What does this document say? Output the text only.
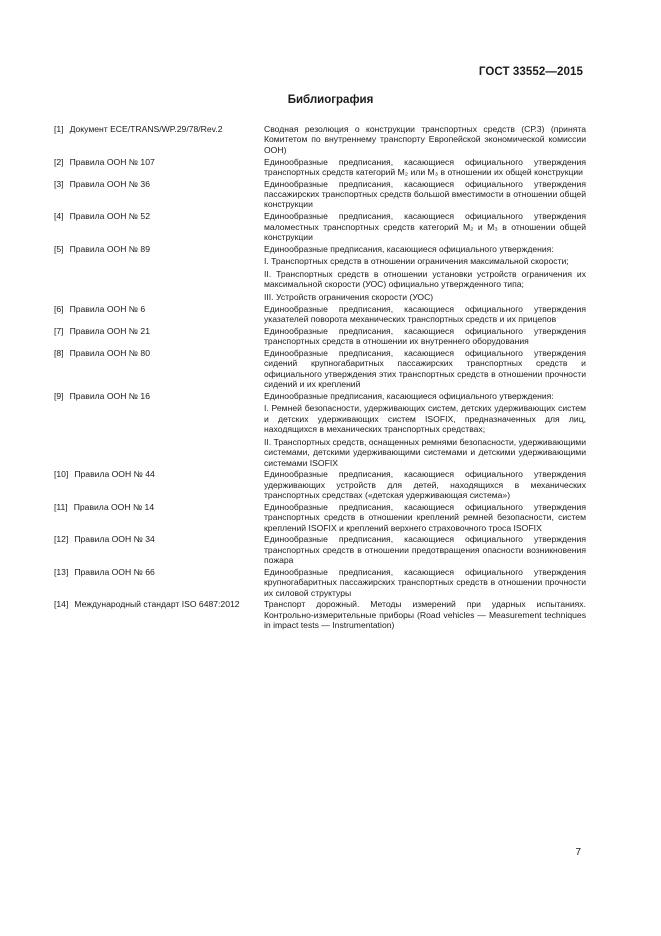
ГОСТ 33552—2015
Библиография
[1] Документ ECE/TRANS/WP.29/78/Rev.2	Сводная резолюция о конструкции транспортных средств (СР.3) (принята Комитетом по внутреннему транспорту Европейской экономической комиссии ООН)

[2] Правила ООН № 107	Единообразные предписания, касающиеся официального утверждения транспортных средств категорий M₂ или M₃ в отношении их общей конструкции

[3] Правила ООН № 36	Единообразные предписания, касающиеся официального утверждения пассажирских транспортных средств большой вместимости в отношении общей конструкции

[4] Правила ООН № 52	Единообразные предписания, касающиеся официального утверждения маломестных транспортных средств категорий M₂ и M₃ в отношении общей конструкции

[5] Правила ООН № 89	Единообразные предписания, касающиеся официального утверждения:

I. Транспортных средств в отношении ограничения максимальной скорости;

II. Транспортных средств в отношении установки устройств ограничения их максимальной скорости (УОС) официально утвержденного типа;

III. Устройств ограничения скорости (УОС)

[6] Правила ООН № 6	Единообразные предписания, касающиеся официального утверждения указателей поворота механических транспортных средств и их прицепов

[7] Правила ООН № 21	Единообразные предписания, касающиеся официального утверждения транспортных средств в отношении их внутреннего оборудования

[8] Правила ООН № 80	Единообразные предписания, касающиеся официального утверждения сидений крупногабаритных пассажирских транспортных средств и официального утверждения этих транспортных средств в отношении прочности сидений и их креплений

[9] Правила ООН № 16	Единообразные предписания, касающиеся официального утверждения:

I. Ремней безопасности, удерживающих систем, детских удерживающих систем и детских удерживающих систем ISOFIX, предназначенных для лиц, находящихся в механических транспортных средствах;

II. Транспортных средств, оснащенных ремнями безопасности, удерживающими системами, детскими удерживающими системами и детскими удерживающими системами ISOFIX

[10] Правила ООН № 44	Единообразные предписания, касающиеся официального утверждения удерживающих устройств для детей, находящихся в механических транспортных средствах («детская удерживающая система»)

[11] Правила ООН № 14	Единообразные предписания, касающиеся официального утверждения транспортных средств в отношении креплений ремней безопасности, систем креплений ISOFIX и креплений верхнего страховочного троса ISOFIX

[12] Правила ООН № 34	Единообразные предписания, касающиеся официального утверждения транспортных средств в отношении предотвращения опасности возникновения пожара

[13] Правила ООН № 66	Единообразные предписания, касающиеся официального утверждения крупногабаритных пассажирских транспортных средств в отношении прочности их силовой структуры

[14] Международный стандарт ISO 6487:2012	Транспорт дорожный. Методы измерений при ударных испытаниях. Контрольно-измерительные приборы (Road vehicles — Measurement techniques in impact tests — Instrumentation)

7
